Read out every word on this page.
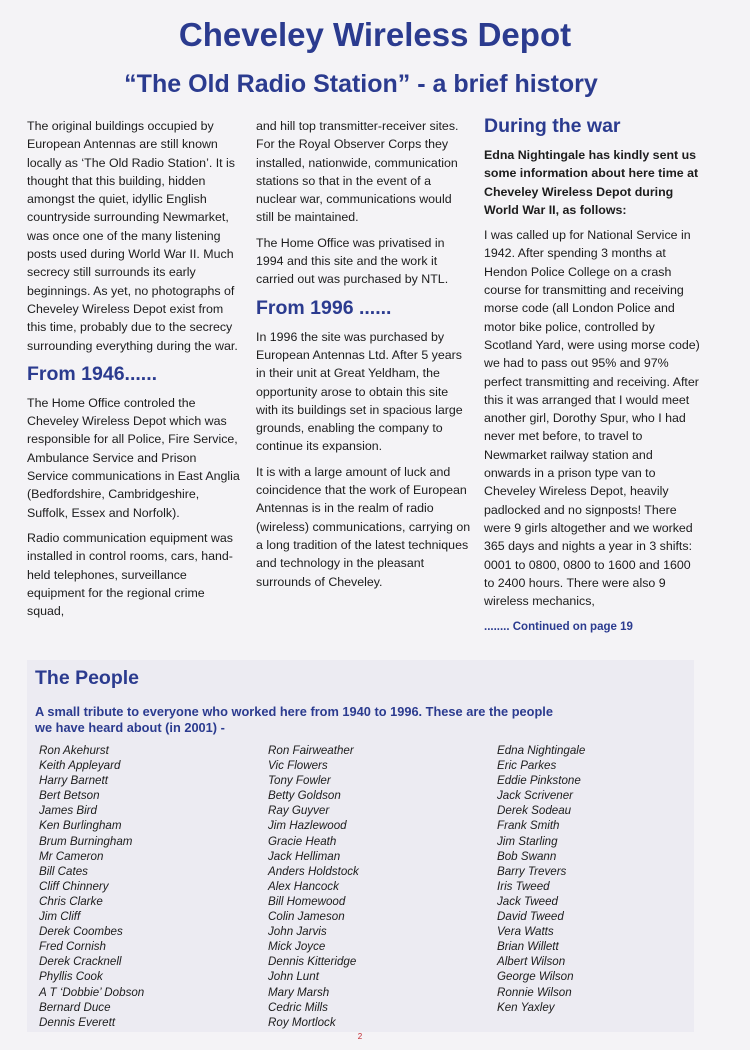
Cheveley Wireless Depot
“The Old Radio Station” - a brief history

The original buildings occupied by European Antennas are still known locally as ‘The Old Radio Station’. It is thought that this building, hidden amongst the quiet, idyllic English countryside surrounding Newmarket, was once one of the many listening posts used during World War II. Much secrecy still surrounds its early beginnings. As yet, no photographs of Cheveley Wireless Depot exist from this time, probably due to the secrecy surrounding everything during the war.

From 1946......

The Home Office controled the Cheveley Wireless Depot which was responsible for all Police, Fire Service, Ambulance Service and Prison Service communications in East Anglia (Bedfordshire, Cambridgeshire, Suffolk, Essex and Norfolk).

Radio communication equipment was installed in control rooms, cars, hand-held telephones, surveillance equipment for the regional crime squad,

and hill top transmitter-receiver sites. For the Royal Observer Corps they installed, nationwide, communication stations so that in the event of a nuclear war, communications would still be maintained.

The Home Office was privatised in 1994 and this site and the work it carried out was purchased by NTL.

From 1996 ......

In 1996 the site was purchased by European Antennas Ltd. After 5 years in their unit at Great Yeldham, the opportunity arose to obtain this site with its buildings set in spacious large grounds, enabling the company to continue its expansion.

It is with a large amount of luck and coincidence that the work of European Antennas is in the realm of radio (wireless) communications, carrying on a long tradition of the latest techniques and technology in the pleasant surrounds of Cheveley.

During the war

Edna Nightingale has kindly sent us some information about here time at Cheveley Wireless Depot during World War II, as follows:

I was called up for National Service in 1942. After spending 3 months at Hendon Police College on a crash course for transmitting and receiving morse code (all London Police and motor bike police, controlled by Scotland Yard, were using morse code) we had to pass out 95% and 97% perfect transmitting and receiving. After this it was arranged that I would meet another girl, Dorothy Spur, who I had never met before, to travel to Newmarket railway station and onwards in a prison type van to Cheveley Wireless Depot, heavily padlocked and no signposts! There were 9 girls altogether and we worked 365 days and nights a year in 3 shifts: 0001 to 0800, 0800 to 1600 and 1600 to 2400 hours. There were also 9 wireless mechanics,

........ Continued on page 19
The People

A small tribute to everyone who worked here from 1940 to 1996. These are the people we have heard about (in 2001) -

Ron Akehurst
Keith Appleyard
Harry Barnett
Bert Betson
James Bird
Ken Burlingham
Brum Burningham
Mr Cameron
Bill Cates
Cliff Chinnery
Chris Clarke
Jim Cliff
Derek Coombes
Fred Cornish
Derek Cracknell
Phyllis Cook
A T ‘Dobbie’ Dobson
Bernard Duce
Dennis Everett
Ron Fairweather
Vic Flowers
Tony Fowler
Betty Goldson
Ray Guyver
Jim Hazlewood
Gracie Heath
Jack Helliman
Anders Holdstock
Alex Hancock
Bill Homewood
Colin Jameson
John Jarvis
Mick Joyce
Dennis Kitteridge
John Lunt
Mary Marsh
Cedric Mills
Roy Mortlock
Edna Nightingale
Eric Parkes
Eddie Pinkstone
Jack Scrivener
Derek Sodeau
Frank Smith
Jim Starling
Bob Swann
Barry Trevers
Iris Tweed
Jack Tweed
David Tweed
Vera Watts
Brian Willett
Albert Wilson
George Wilson
Ronnie Wilson
Ken Yaxley
2
